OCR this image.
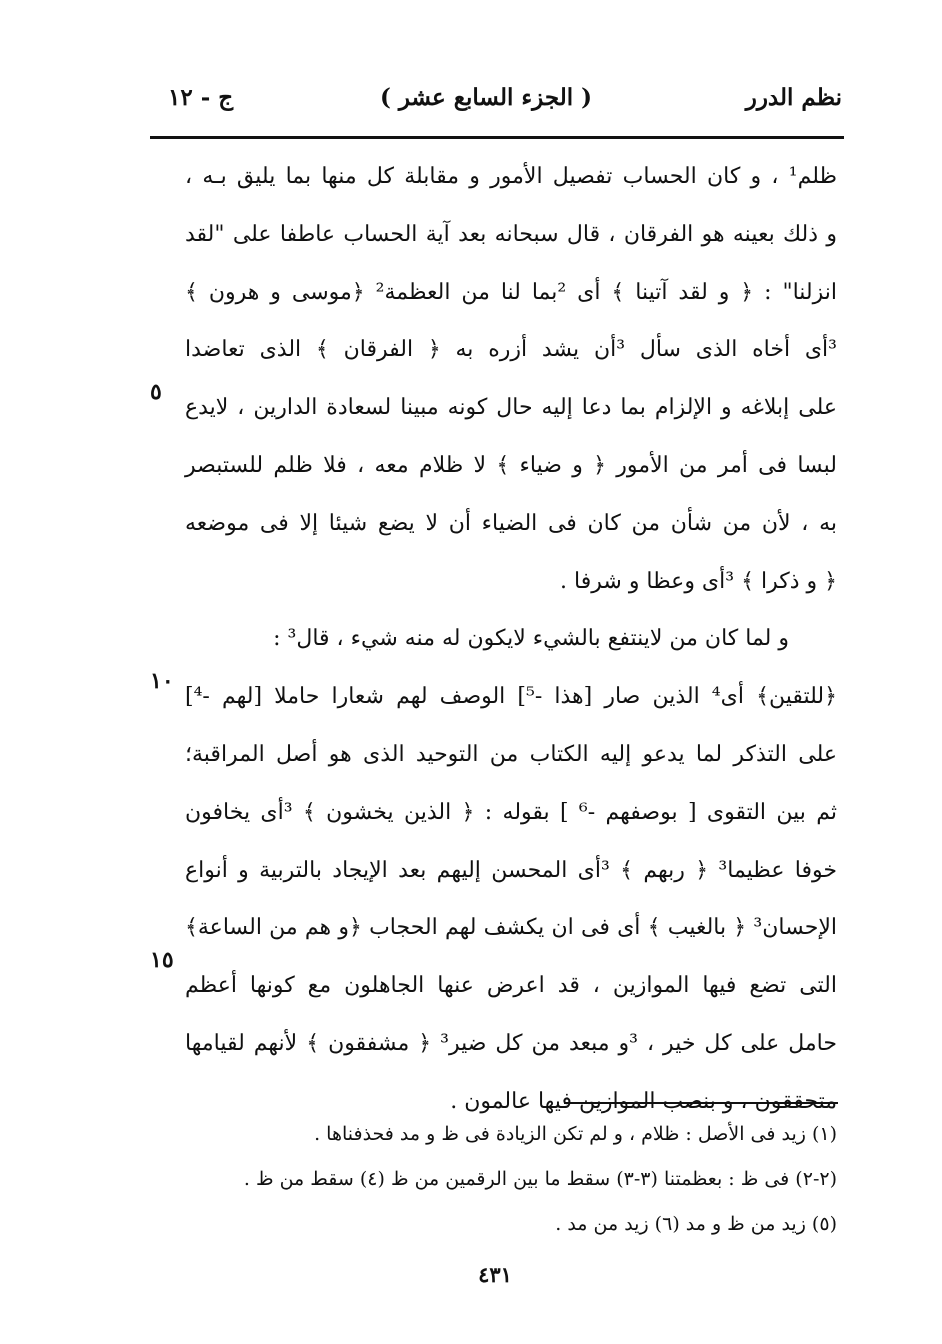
نظم الدرر
( الجزء السابع عشر )
ج - ١٢
ظلم¹ ، و كان الحساب تفصيل الأمور و مقابلة كل منها بما يليق بـه ،
و ذلك بعينه هو الفرقان ، قال سبحانه بعد آية الحساب عاطفا على "لقد
انزلنا" : ﴿ و لقد آتينا ﴾ أى ²بما لنا من العظمة² ﴿موسى و هرون ﴾
³أى أخاه الذى سأل ³أن يشد أزره به ﴿ الفرقان ﴾ الذى تعاضدا
على إبلاغه و الإلزام بما دعا إليه حال كونه مبينا لسعادة الدارين ، لايدع
لبسا فى أمر من الأمور ﴿ و ضياء ﴾ لا ظلام معه ، فلا ظلم للستبصر
به ، لأن من شأن من كان فى الضياء أن لا يضع شيئا إلا فى موضعه
﴿ و ذكرا ﴾ ³أى وعظا و شرفا .
و لما كان من لاينتفع بالشيء لايكون له منه شيء ، قال³ :
﴿للتقين﴾ أى⁴ الذين صار [هذا -⁵] الوصف لهم شعارا حاملا [لهم -⁴]
على التذكر لما يدعو إليه الكتاب من التوحيد الذى هو أصل المراقبة؛
ثم بين التقوى [ بوصفهم -⁶ ] بقوله : ﴿ الذين يخشون ﴾ ³أى يخافون
خوفا عظيما³ ﴿ ربهم ﴾ ³أى المحسن إليهم بعد الإيجاد بالتربية و أنواع
الإحسان³ ﴿ بالغيب ﴾ أى فى ان يكشف لهم الحجاب ﴿و هم من الساعة﴾
التى تضع فيها الموازين ، قد اعرض عنها الجاهلون مع كونها أعظم
حامل على كل خير ، ³و مبعد من كل ضير³ ﴿ مشفقون ﴾ لأنهم لقيامها
متحققون ، و بنصب الموازين فيها عالمون .
٥
١٠
١٥
(١) زيد فى الأصل : ظلام ، و لم تكن الزيادة فى ظ و مد فحذفناها .
(٢-٢) فى ظ : بعظمتنا (٣-٣) سقط ما بين الرقمين من ظ (٤) سقط من ظ .
(٥) زيد من ظ و مد (٦) زيد من مد .
٤٣١
